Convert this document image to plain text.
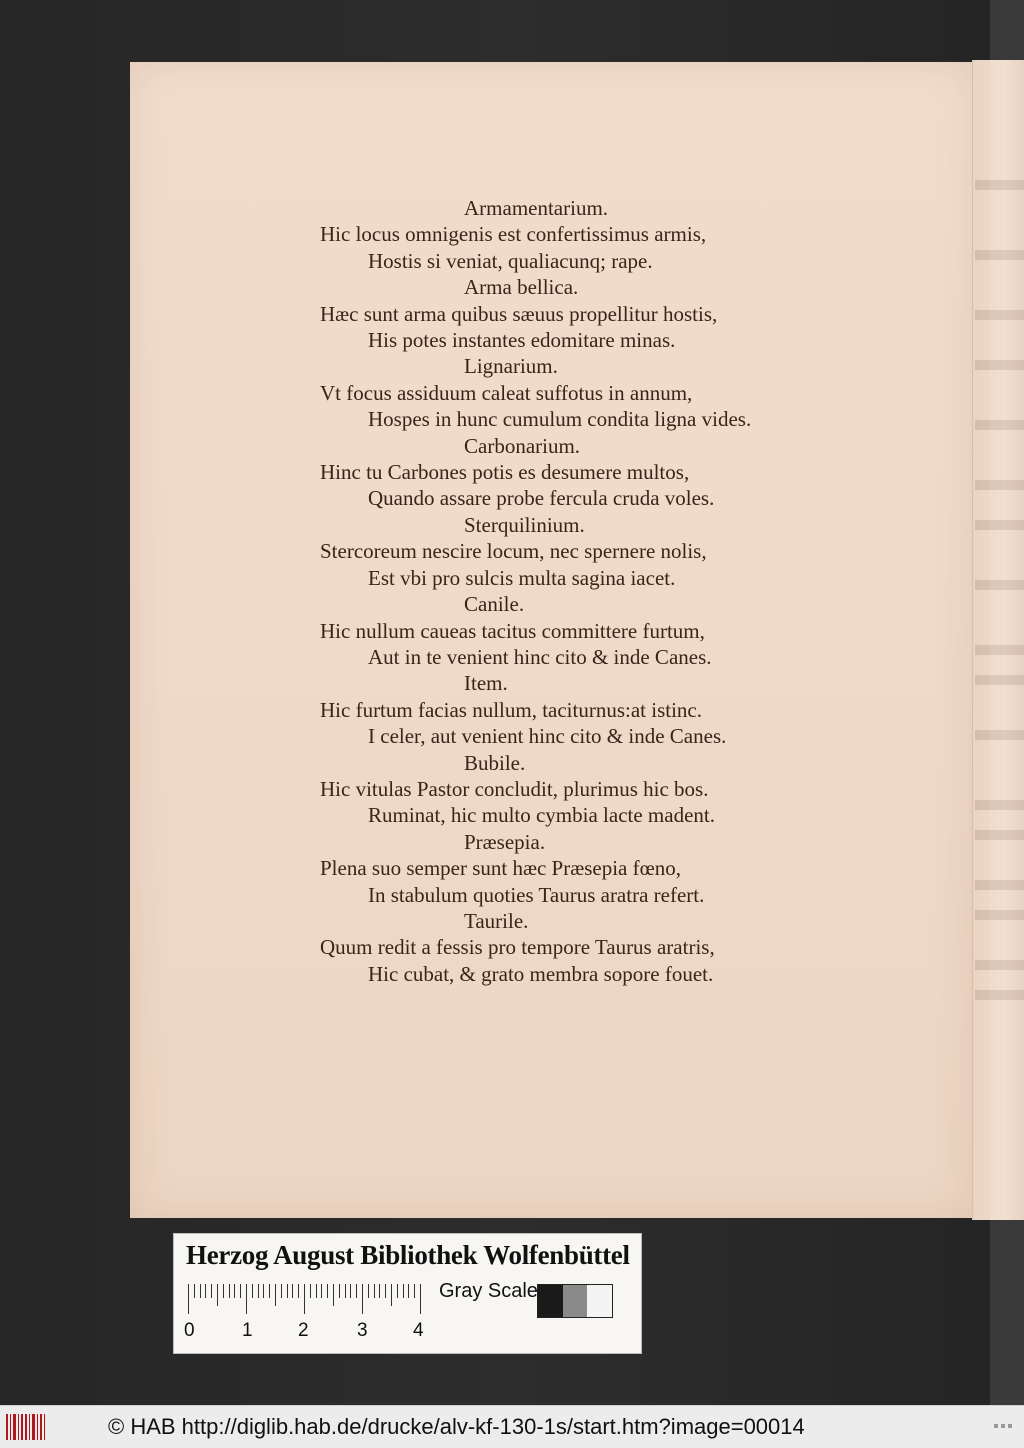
Armamentarium.
Hic locus omnigenis est confertissimus armis,
Hostis si veniat, qualiacunq; rape.
Arma bellica.
Hæc sunt arma quibus sæuus propellitur hostis,
His potes instantes edomitare minas.
Lignarium.
Vt focus assiduum caleat suffotus in annum,
Hospes in hunc cumulum condita ligna vides.
Carbonarium.
Hinc tu Carbones potis es desumere multos,
Quando assare probe fercula cruda voles.
Sterquilinium.
Stercoreum nescire locum, nec spernere nolis,
Est vbi pro sulcis multa sagina iacet.
Canile.
Hic nullum caueas tacitus committere furtum,
Aut in te venient hinc cito & inde Canes.
Item.
Hic furtum facias nullum, taciturnus:at istinc.
I celer, aut venient hinc cito & inde Canes.
Bubile.
Hic vitulas Pastor concludit, plurimus hic bos.
Ruminat, hic multo cymbia lacte madent.
Præsepia.
Plena suo semper sunt hæc Præsepia fœno,
In stabulum quoties Taurus aratra refert.
Taurile.
Quum redit a fessis pro tempore Taurus aratris,
Hic cubat, & grato membra sopore fouet.
Herzog August Bibliothek Wolfenbüttel
0 1 2	3 4
Gray Scale
© HAB http://diglib.hab.de/drucke/alv-kf-130-1s/start.htm?image=00014
